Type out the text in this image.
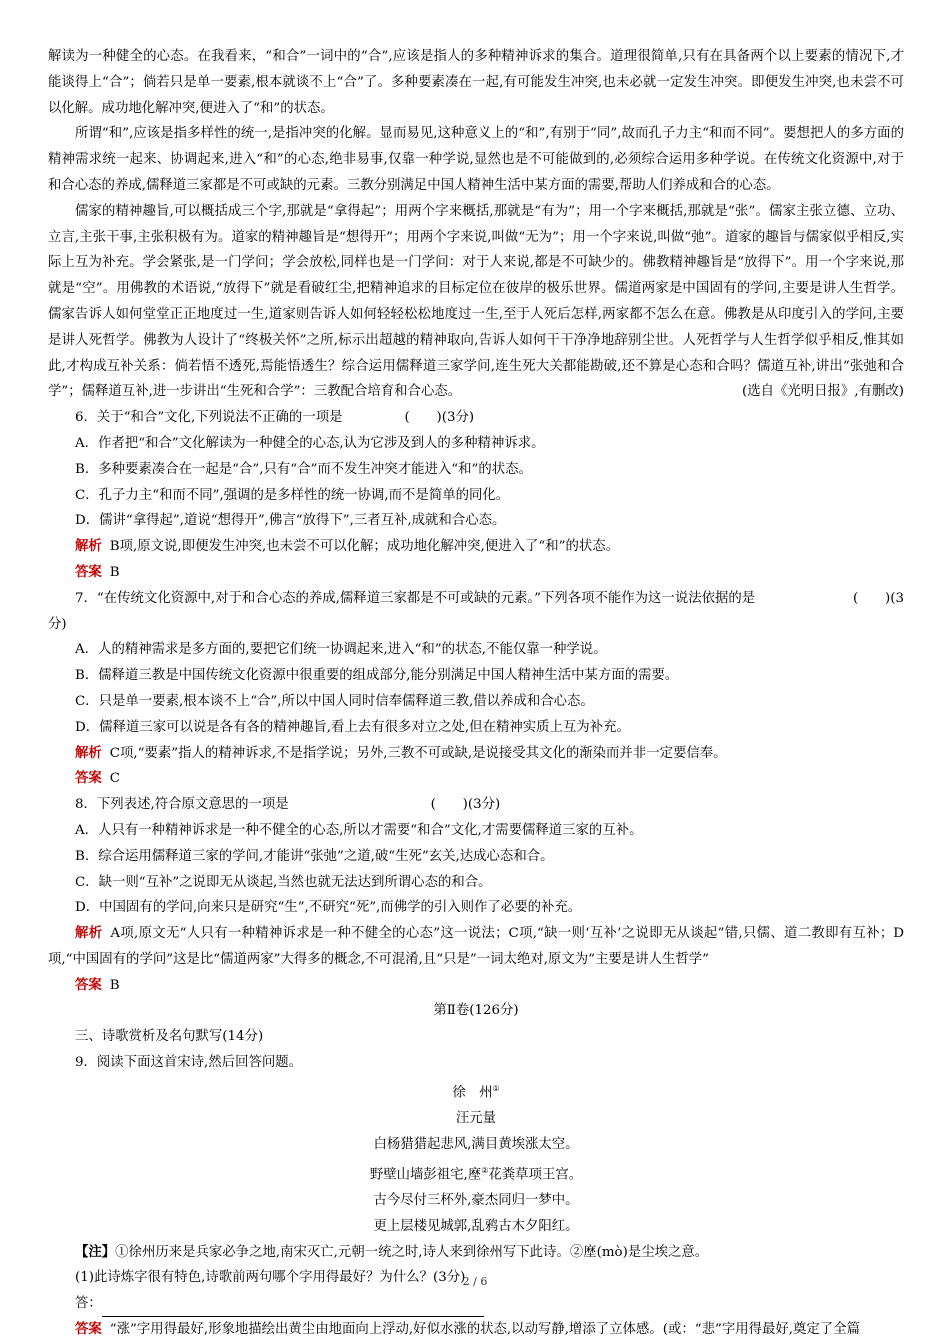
解读为一种健全的心态。在我看来，“和合”一词中的“合”,应该是指人的多种精神诉求的集合。道理很简单,只有在具备两个以上要素的情况下,才能谈得上“合”；倘若只是单一要素,根本就谈不上“合”了。多种要素凑在一起,有可能发生冲突,也未必就一定发生冲突。即便发生冲突,也未尝不可以化解。成功地化解冲突,便进入了“和”的状态。

所谓“和”,应该是指多样性的统一,是指冲突的化解。显而易见,这种意义上的“和”,有别于“同”,故而孔子力主“和而不同”。要想把人的多方面的精神需求统一起来、协调起来,进入“和”的心态,绝非易事,仅靠一种学说,显然也是不可能做到的,必须综合运用多种学说。在传统文化资源中,对于和合心态的养成,儒释道三家都是不可或缺的元素。三教分别满足中国人精神生活中某方面的需要,帮助人们养成和合的心态。

儒家的精神趣旨,可以概括成三个字,那就是“拿得起”；用两个字来概括,那就是“有为”；用一个字来概括,那就是“张”。儒家主张立德、立功、立言,主张干事,主张积极有为。道家的精神趣旨是“想得开”；用两个字来说,叫做“无为”；用一个字来说,叫做“弛”。道家的趣旨与儒家似乎相反,实际上互为补充。学会紧张,是一门学问；学会放松,同样也是一门学问：对于人来说,都是不可缺少的。佛教精神趣旨是“放得下”。用一个字来说,那就是“空”。用佛教的术语说,“放得下”就是看破红尘,把精神追求的目标定位在彼岸的极乐世界。儒道两家是中国固有的学问,主要是讲人生哲学。儒家告诉人如何堂堂正正地度过一生,道家则告诉人如何轻轻松松地度过一生,至于人死后怎样,两家都不怎么在意。佛教是从印度引入的学问,主要是讲人死哲学。佛教为人设计了“终极关怀”之所,标示出超越的精神取向,告诉人如何干干净净地辞别尘世。人死哲学与人生哲学似乎相反,惟其如此,才构成互补关系：倘若悟不透死,焉能悟透生？综合运用儒释道三家学问,连生死大关都能勘破,还不算是心态和合吗？儒道互补,讲出“张弛和合学”；儒释道互补,进一步讲出“生死和合学”：三教配合培育和合心态。	(选自《光明日报》,有删改)

6．关于“和合”文化,下列说法不正确的一项是	(　　)(3分)

A．作者把“和合”文化解读为一种健全的心态,认为它涉及到人的多种精神诉求。

B．多种要素凑合在一起是“合”,只有“合”而不发生冲突才能进入“和”的状态。

C．孔子力主“和而不同”,强调的是多样性的统一协调,而不是简单的同化。

D．儒讲“拿得起”,道说“想得开”,佛言“放得下”,三者互补,成就和合心态。

解析 B项,原文说,即便发生冲突,也未尝不可以化解；成功地化解冲突,便进入了“和”的状态。

答案 B

7．“在传统文化资源中,对于和合心态的养成,儒释道三家都是不可或缺的元素。”下列各项不能作为这一说法依据的是	(　　)(3

分)

A．人的精神需求是多方面的,要把它们统一协调起来,进入“和”的状态,不能仅靠一种学说。

B．儒释道三教是中国传统文化资源中很重要的组成部分,能分别满足中国人精神生活中某方面的需要。

C．只是单一要素,根本谈不上“合”,所以中国人同时信奉儒释道三教,借以养成和合心态。

D．儒释道三家可以说是各有各的精神趣旨,看上去有很多对立之处,但在精神实质上互为补充。

解析 C项,“要素”指人的精神诉求,不是指学说；另外,三教不可或缺,是说接受其文化的渐染而并非一定要信奉。

答案 C

8．下列表述,符合原文意思的一项是	(　　)(3分)

A．人只有一种精神诉求是一种不健全的心态,所以才需要“和合”文化,才需要儒释道三家的互补。

B．综合运用儒释道三家的学问,才能讲“张弛”之道,破“生死”玄关,达成心态和合。

C．缺一则“互补”之说即无从谈起,当然也就无法达到所谓心态的和合。

D．中国固有的学问,向来只是研究“生”,不研究“死”,而佛学的引入则作了必要的补充。

解析 A项,原文无“人只有一种精神诉求是一种不健全的心态”这一说法；C项,“缺一则‘互补’之说即无从谈起”错,只儒、道二教即有互补；D项,“中国固有的学问”这是比“儒道两家”大得多的概念,不可混淆,且“只是”一词太绝对,原文为“主要是讲人生哲学”

答案 B

第Ⅱ卷(126分)

三、诗歌赏析及名句默写(14分)

9．阅读下面这首宋诗,然后回答问题。

徐　州①

汪元量

白杨猎猎起悲风,满目黄埃涨太空。

野壁山墙彭祖宅,塺②花粪草项王宫。

古今尽付三杯外,豪杰同归一梦中。

更上层楼见城郭,乱鸦古木夕阳红。

【注】①徐州历来是兵家必争之地,南宋灭亡,元朝一统之时,诗人来到徐州写下此诗。②塺(mò)是尘埃之意。

(1)此诗炼字很有特色,诗歌前两句哪个字用得最好？为什么？(3分)

答：

答案 “涨”字用得最好,形象地描绘出黄尘由地面向上浮动,好似水涨的状态,以动写静,增添了立体感。(或：“悲”字用得最好,奠定了全篇

2 / 6
